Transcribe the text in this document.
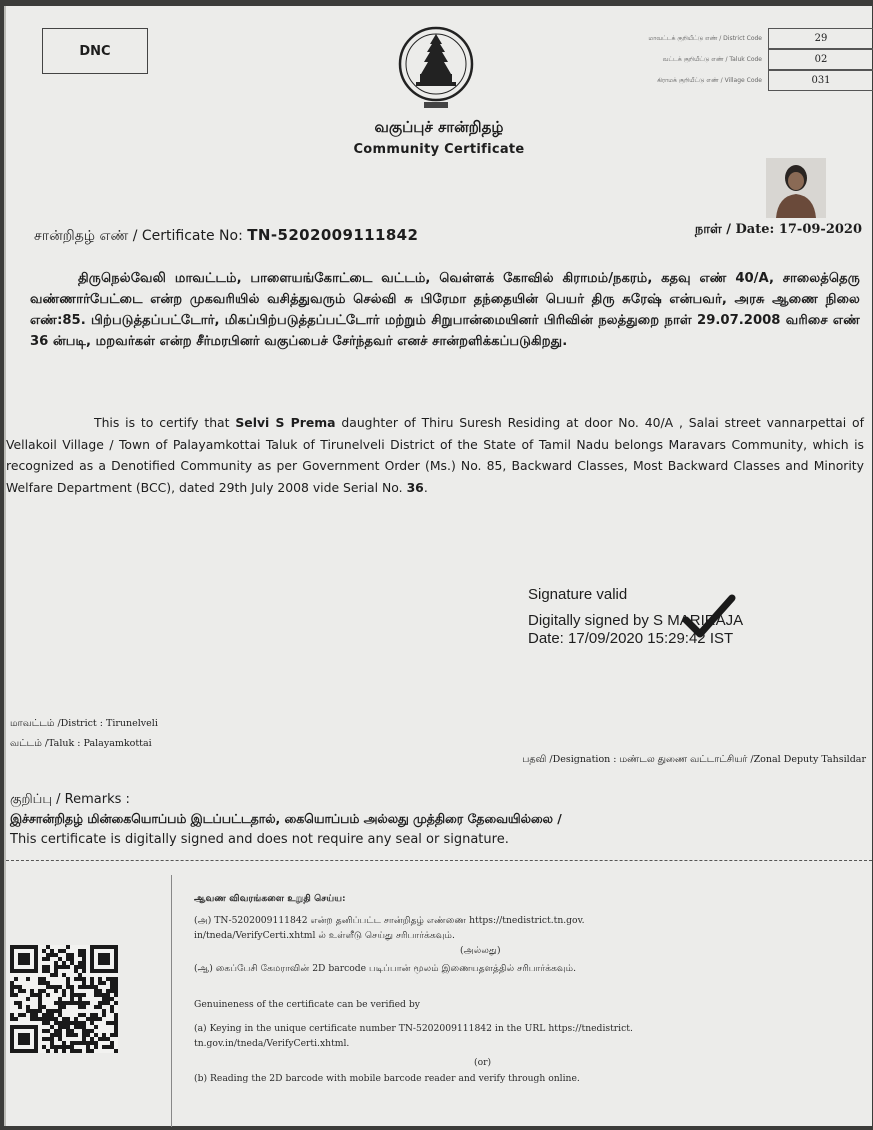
DNC
மாவட்டக் குறியீட்டு எண் / District Code	29
வட்டக் குறியீட்டு எண் / Taluk Code	02
கிராமக் குறியீட்டு எண் / Village Code	031
வகுப்புச் சான்றிதழ்
Community Certificate
சான்றிதழ் எண் / Certificate No: TN-5202009111842	நாள் / Date: 17-09-2020
திருநெல்வேலி மாவட்டம், பாளையங்கோட்டை வட்டம், வெள்ளக் கோவில் கிராமம்/நகரம், கதவு எண் 40/A, சாலைத்தெரு வண்ணார்பேட்டை என்ற முகவரியில் வசித்துவரும் செல்வி சு பிரேமா தந்தையின் பெயர் திரு சுரேஷ் என்பவர், அரசு ஆணை நிலை எண்:85. பிற்படுத்தப்பட்டோர், மிகப்பிற்படுத்தப்பட்டோர் மற்றும் சிறுபான்மையினர் பிரிவின் நலத்துறை நாள் 29.07.2008 வரிசை எண் 36 ன்படி, மறவர்கள் என்ற சீர்மரபினர் வகுப்பைச் சேர்ந்தவர் எனச் சான்றளிக்கப்படுகிறது.
This is to certify that Selvi S Prema daughter of Thiru Suresh Residing at door No. 40/A , Salai street vannarpettai of Vellakoil Village / Town of Palayamkottai Taluk of Tirunelveli District of the State of Tamil Nadu belongs Maravars Community, which is recognized as a Denotified Community as per Government Order (Ms.) No. 85, Backward Classes, Most Backward Classes and Minority Welfare Department (BCC), dated 29th July 2008 vide Serial No. 36.
Signature valid
Digitally signed by S MARIRAJA
Date: 17/09/2020 15:29:42 IST
மாவட்டம் /District : Tirunelveli
வட்டம் /Taluk : Palayamkottai
பதவி /Designation : மண்டல துணை வட்டாட்சியர் /Zonal Deputy Tahsildar
குறிப்பு / Remarks :
இச்சான்றிதழ் மின்கையொப்பம் இடப்பட்டதால், கையொப்பம் அல்லது முத்திரை தேவையில்லை /
This certificate is digitally signed and does not require any seal or signature.
ஆவண விவரங்களை உறுதி செய்ய:
(அ) TN-5202009111842 என்ற தனிப்பட்ட சான்றிதழ் எண்ணை https://tnedistrict.tn.gov.
in/tneda/VerifyCerti.xhtml ல் உள்ளீடு செய்து சரிபார்க்கவும்.
(அல்லது)
(ஆ) கைப்பேசி கேமராவின் 2D barcode படிப்பான் மூலம் இணையதளத்தில் சரிபார்க்கவும்.
Genuineness of the certificate can be verified by
(a) Keying in the unique certificate number TN-5202009111842 in the URL https://tnedistrict.
tn.gov.in/tneda/VerifyCerti.xhtml.
(or)
(b) Reading the 2D barcode with mobile barcode reader and verify through online.
